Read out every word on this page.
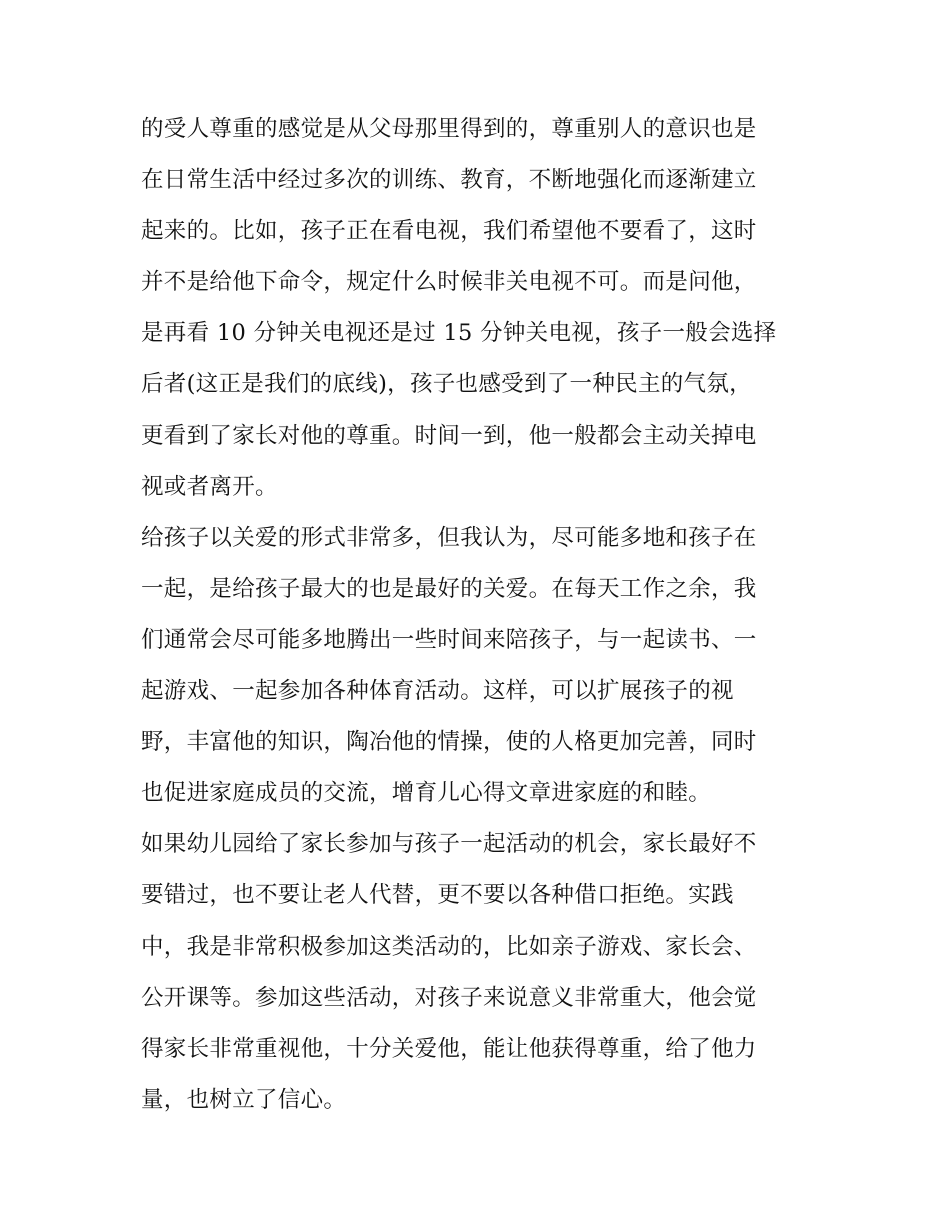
的受人尊重的感觉是从父母那里得到的，尊重别人的意识也是
在日常生活中经过多次的训练、教育，不断地强化而逐渐建立
起来的。比如，孩子正在看电视，我们希望他不要看了，这时
并不是给他下命令，规定什么时候非关电视不可。而是问他，
是再看 10 分钟关电视还是过 15 分钟关电视，孩子一般会选择
后者(这正是我们的底线)，孩子也感受到了一种民主的气氛，
更看到了家长对他的尊重。时间一到，他一般都会主动关掉电
视或者离开。
给孩子以关爱的形式非常多，但我认为，尽可能多地和孩子在
一起，是给孩子最大的也是最好的关爱。在每天工作之余，我
们通常会尽可能多地腾出一些时间来陪孩子，与一起读书、一
起游戏、一起参加各种体育活动。这样，可以扩展孩子的视
野，丰富他的知识，陶冶他的情操，使的人格更加完善，同时
也促进家庭成员的交流，增育儿心得文章进家庭的和睦。
如果幼儿园给了家长参加与孩子一起活动的机会，家长最好不
要错过，也不要让老人代替，更不要以各种借口拒绝。实践
中，我是非常积极参加这类活动的，比如亲子游戏、家长会、
公开课等。参加这些活动，对孩子来说意义非常重大，他会觉
得家长非常重视他，十分关爱他，能让他获得尊重，给了他力
量，也树立了信心。
